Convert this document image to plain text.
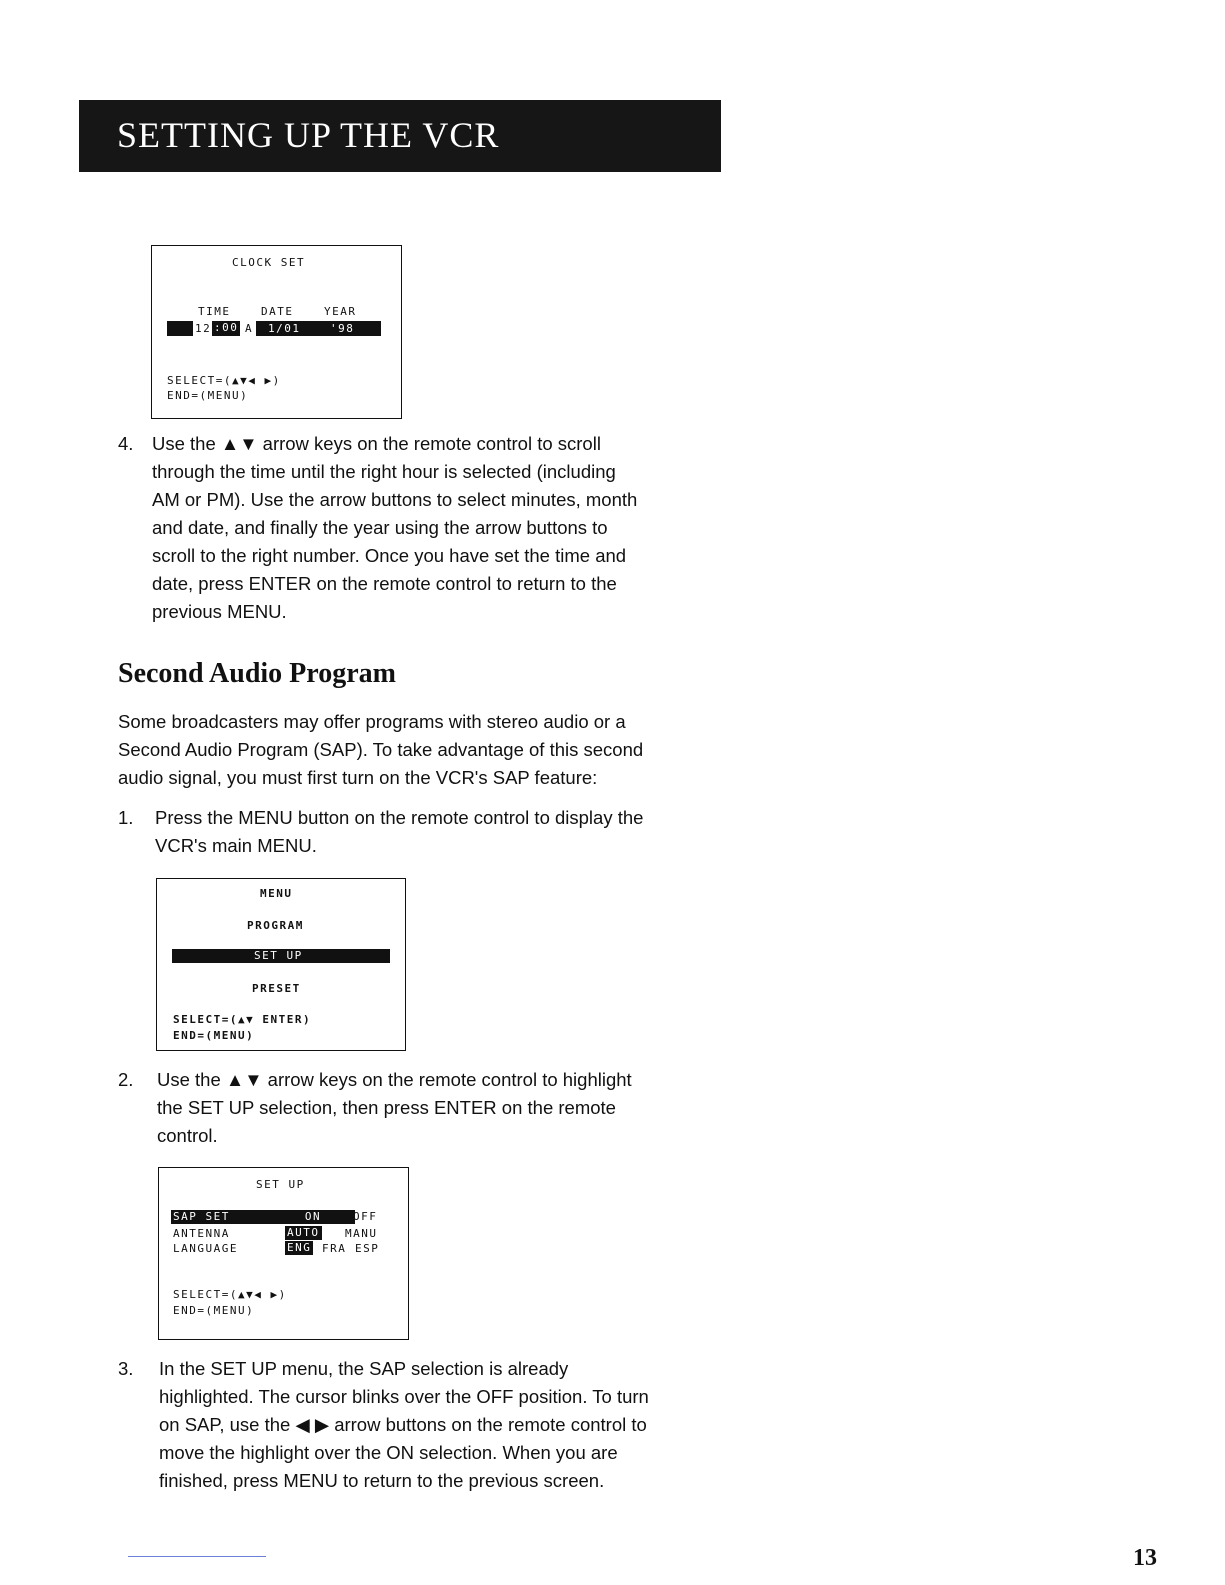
SETTING UP THE VCR
CLOCK SET
TIME	DATE	YEAR
12 :00 A 1/01	'98
SELECT=(▲▼◀ ▶)
END=(MENU)
4. Use the ▲▼ arrow keys on the remote control to scroll
through the time until the right hour is selected (including
AM or PM). Use the arrow buttons to select minutes, month
and date, and finally the year using the arrow buttons to
scroll to the right number. Once you have set the time and
date, press ENTER on the remote control to return to the
previous MENU.
Second Audio Program
Some broadcasters may offer programs with stereo audio or a
Second Audio Program (SAP). To take advantage of this second
audio signal, you must first turn on the VCR's SAP feature:
1. Press the MENU button on the remote control to display the
VCR's main MENU.
MENU
PROGRAM
SET UP
PRESET
SELECT=(▲▼ ENTER)
END=(MENU)
2. Use the ▲▼ arrow keys on the remote control to highlight
the SET UP selection, then press ENTER on the remote
control.
SET UP
SAP SET	ON	OFF
ANTENNA	AUTO MANU
LANGUAGE	ENG FRA ESP
SELECT=(▲▼◀ ▶)
END=(MENU)
3. In the SET UP menu, the SAP selection is already
highlighted. The cursor blinks over the OFF position. To turn
on SAP, use the ◀ ▶ arrow buttons on the remote control to
move the highlight over the ON selection. When you are
finished, press MENU to return to the previous screen.
13
